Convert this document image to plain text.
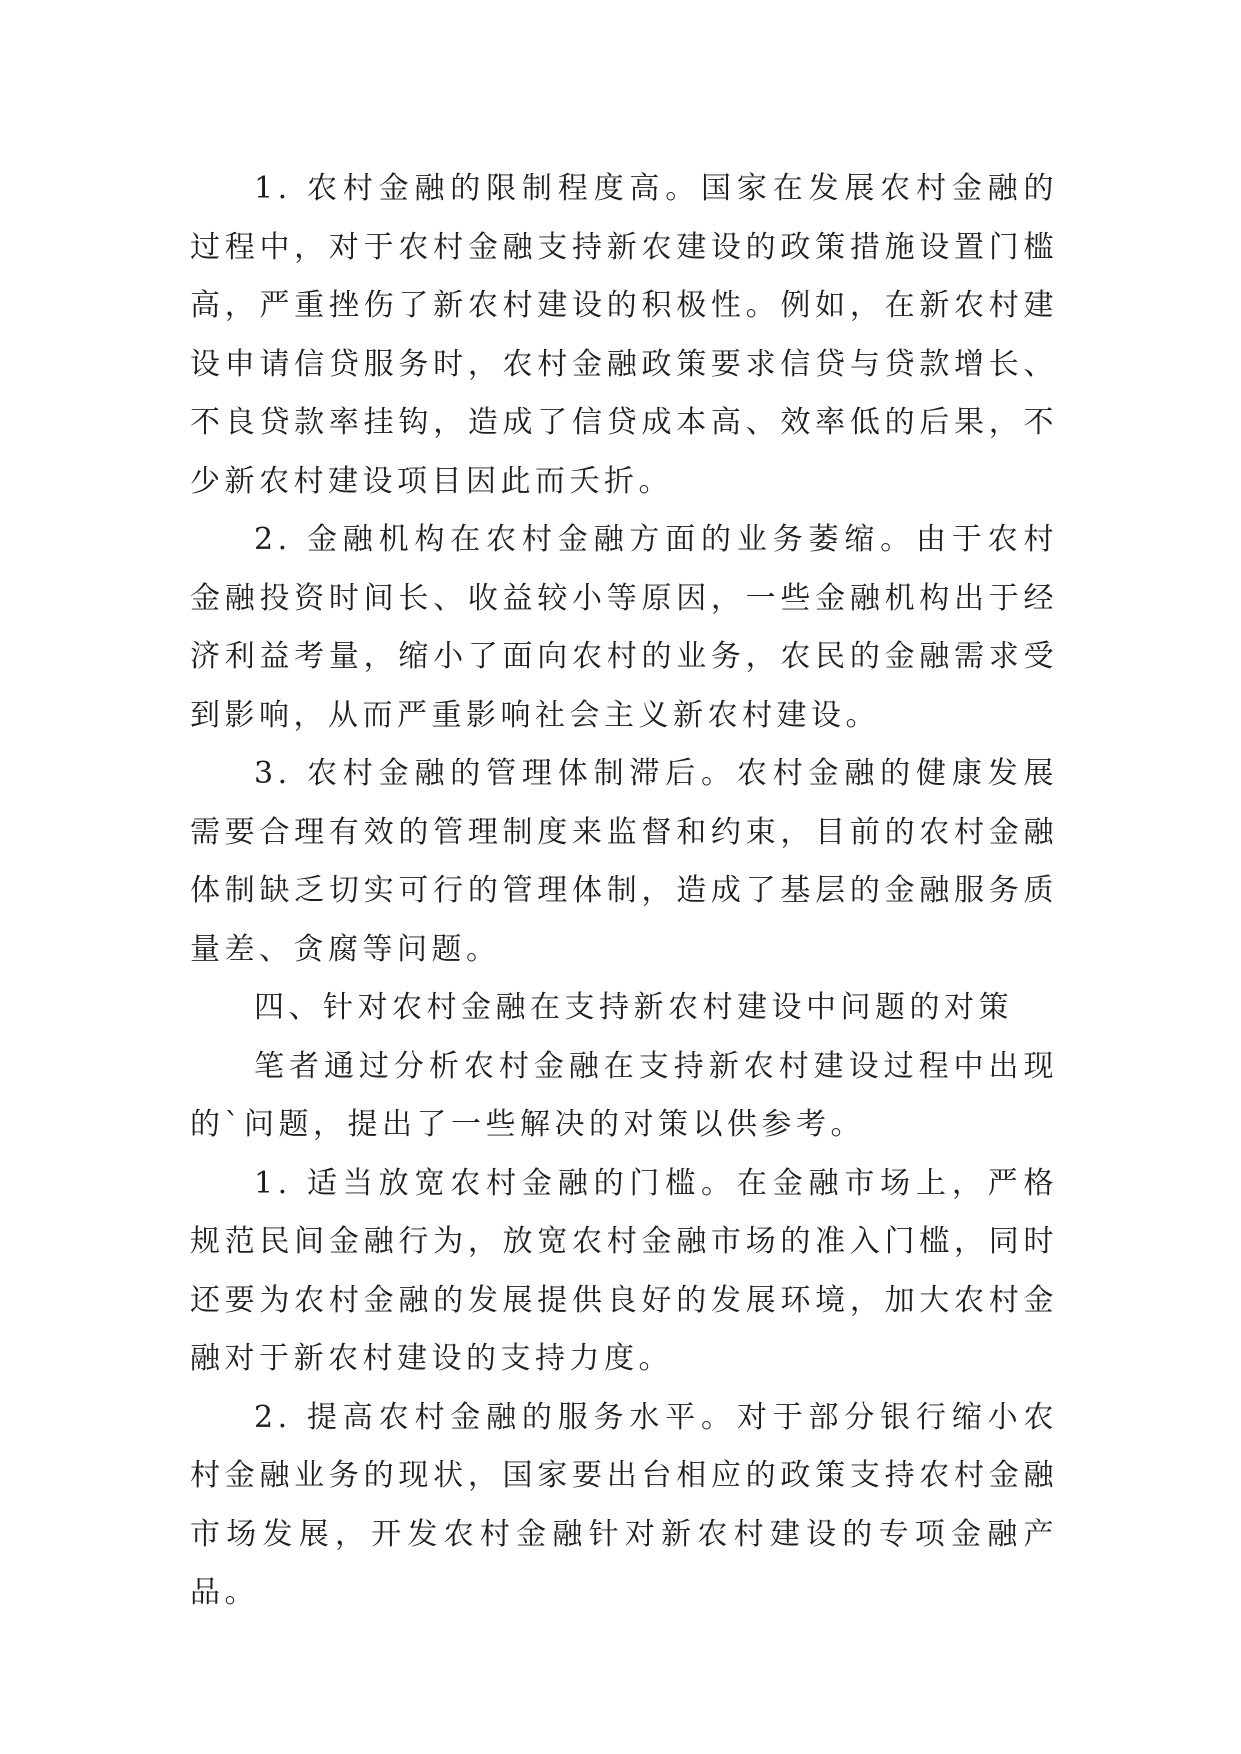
1. 农村金融的限制程度高。国家在发展农村金融的过程中，对于农村金融支持新农建设的政策措施设置门槛高，严重挫伤了新农村建设的积极性。例如，在新农村建设申请信贷服务时，农村金融政策要求信贷与贷款增长、不良贷款率挂钩，造成了信贷成本高、效率低的后果，不少新农村建设项目因此而夭折。

2. 金融机构在农村金融方面的业务萎缩。由于农村金融投资时间长、收益较小等原因，一些金融机构出于经济利益考量，缩小了面向农村的业务，农民的金融需求受到影响，从而严重影响社会主义新农村建设。

3. 农村金融的管理体制滞后。农村金融的健康发展需要合理有效的管理制度来监督和约束，目前的农村金融体制缺乏切实可行的管理体制，造成了基层的金融服务质量差、贪腐等问题。

四、针对农村金融在支持新农村建设中问题的对策

笔者通过分析农村金融在支持新农村建设过程中出现的`问题，提出了一些解决的对策以供参考。

1. 适当放宽农村金融的门槛。在金融市场上，严格规范民间金融行为，放宽农村金融市场的准入门槛，同时还要为农村金融的发展提供良好的发展环境，加大农村金融对于新农村建设的支持力度。

2. 提高农村金融的服务水平。对于部分银行缩小农村金融业务的现状，国家要出台相应的政策支持农村金融市场发展，开发农村金融针对新农村建设的专项金融产品。
